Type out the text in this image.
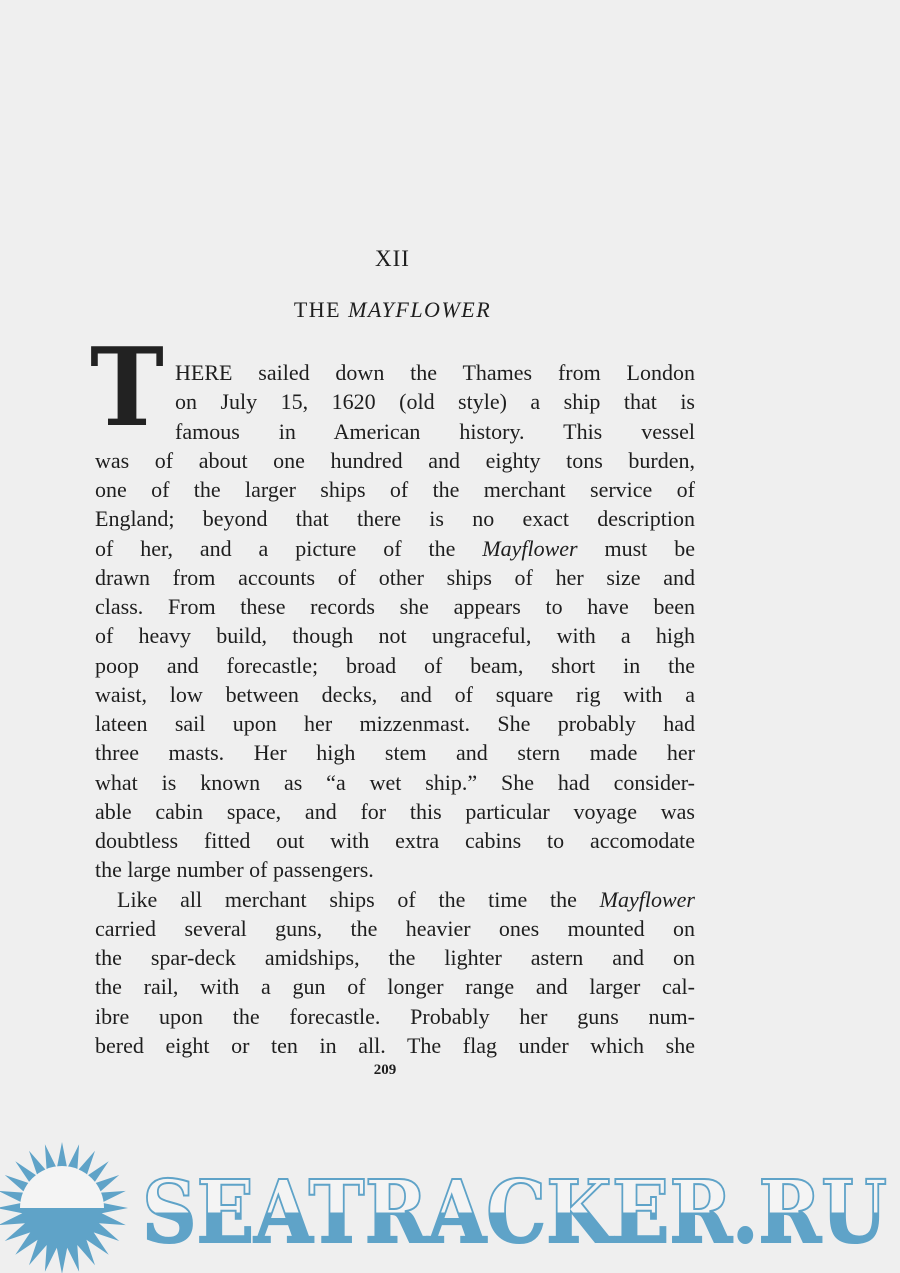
XII
THE MAYFLOWER
T HERE sailed down the Thames from London
on July 15, 1620 (old style) a ship that is
famous in American history. This vessel
was of about one hundred and eighty tons burden,
one of the larger ships of the merchant service of
England; beyond that there is no exact description
of her, and a picture of the Mayflower must be
drawn from accounts of other ships of her size and
class. From these records she appears to have been
of heavy build, though not ungraceful, with a high
poop and forecastle; broad of beam, short in the
waist, low between decks, and of square rig with a
lateen sail upon her mizzenmast. She probably had
three masts. Her high stem and stern made her
what is known as “a wet ship.” She had consider-
able cabin space, and for this particular voyage was
doubtless fitted out with extra cabins to accomodate
the large number of passengers.
Like all merchant ships of the time the Mayflower
carried several guns, the heavier ones mounted on
the spar-deck amidships, the lighter astern and on
the rail, with a gun of longer range and larger cal-
ibre upon the forecastle. Probably her guns num-
bered eight or ten in all. The flag under which she
209
SEATRACKER.RU
